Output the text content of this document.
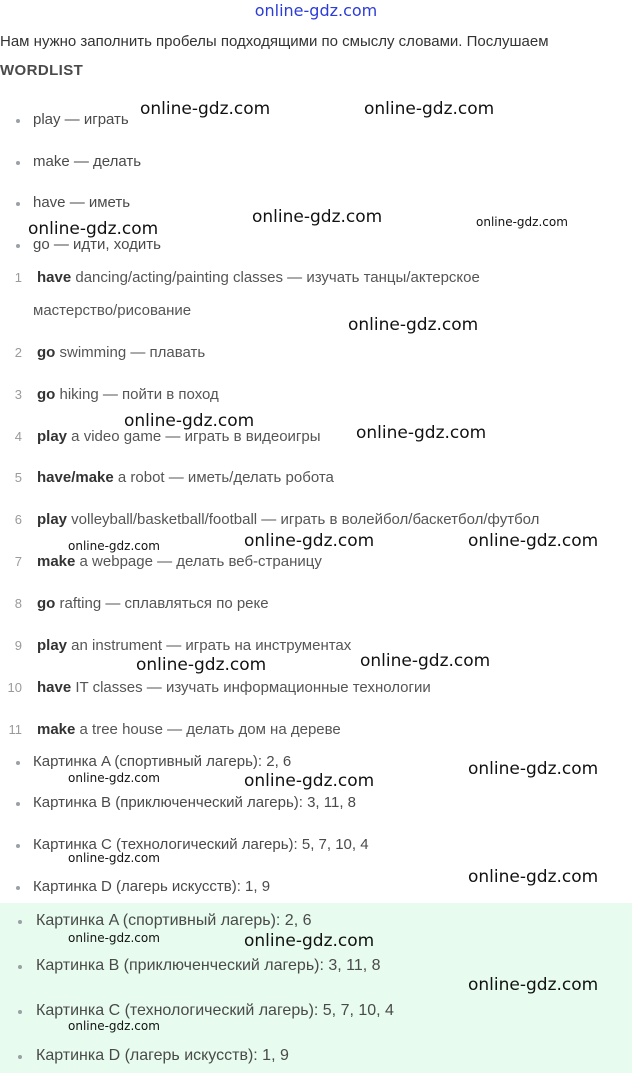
online-gdz.com
Нам нужно заполнить пробелы подходящими по смыслу словами. Послушаем
WORDLIST
play — играть
make — делать
have — иметь
go — идти, ходить
1 have dancing/acting/painting classes — изучать танцы/актерское
мастерство/рисование
2 go swimming — плавать
3 go hiking — пойти в поход
4 play a video game — играть в видеоигры
5 have/make a robot — иметь/делать робота
6 play volleyball/basketball/football — играть в волейбол/баскетбол/футбол
7 make a webpage — делать веб-страницу
8 go rafting — сплавляться по реке
9 play an instrument — играть на инструментах
10 have IT classes — изучать информационные технологии
11 make a tree house — делать дом на дереве
Картинка A (спортивный лагерь): 2, 6
Картинка B (приключенческий лагерь): 3, 11, 8
Картинка C (технологический лагерь): 5, 7, 10, 4
Картинка D (лагерь искусств): 1, 9
Картинка A (спортивный лагерь): 2, 6
Картинка B (приключенческий лагерь): 3, 11, 8
Картинка C (технологический лагерь): 5, 7, 10, 4
Картинка D (лагерь искусств): 1, 9
online-gdz.com	online-gdz.com
online-gdz.com
online-gdz.com	online-gdz.com
online-gdz.com
online-gdz.com
online-gdz.com
online-gdz.com	online-gdz.com	online-gdz.com
online-gdz.com	online-gdz.com
online-gdz.com	online-gdz.com
online-gdz.com
online-gdz.com
online-gdz.com
online-gdz.com	online-gdz.com
online-gdz.com
online-gdz.com
